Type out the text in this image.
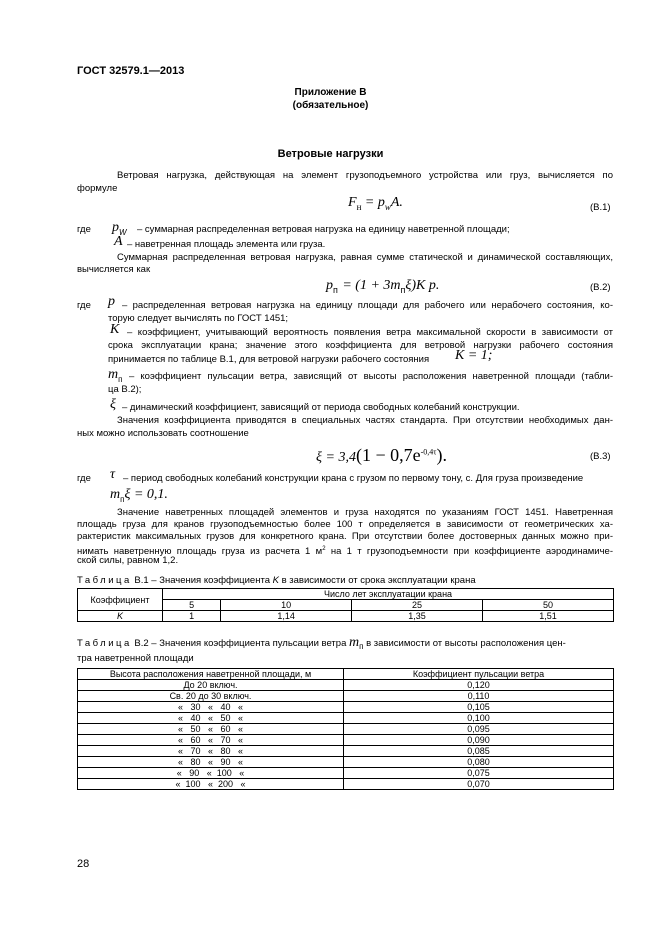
ГОСТ 32579.1—2013
Приложение В
(обязательное)
Ветровые нагрузки
Ветровая нагрузка, действующая на элемент грузоподъемного устройства или груз, вычисляется по
формуле
$F_н = p_wA$.	(В.1)
где $p_W$ – суммарная распределенная ветровая нагрузка на единицу наветренной площади;
A – наветренная площадь элемента или груза.
Суммарная распределенная ветровая нагрузка, равная сумме статической и динамической составляющих,
вычисляется как
$p_п = (1 + 3m_п\xi)K$ p.	(В.2)
где p – распределенная ветровая нагрузка на единицу площади для рабочего или нерабочего состояния, ко-
торую следует вычислять по ГОСТ 1451;
K – коэффициент, учитывающий вероятность появления ветра максимальной скорости в зависимости от
срока эксплуатации крана; значение этого коэффициента для ветровой нагрузки рабочего состояния
принимается по таблице В.1, для ветровой нагрузки рабочего состояния K = 1;
$m_п$ – коэффициент пульсации ветра, зависящий от высоты расположения наветренной площади (табли-
ца В.2);
ξ – динамический коэффициент, зависящий от периода свободных колебаний конструкции.
Значения коэффициента приводятся в специальных частях стандарта. При отсутствии необходимых дан-
ных можно использовать соотношение
$\xi = 3,4(1 - 0,7e^{-0,4\tau})$.	(В.3)
где τ – период свободных колебаний конструкции крана с грузом по первому тону, с. Для груза произведение
$m_п\xi = 0,1$.
Значение наветренных площадей элементов и груза находятся по указаниям ГОСТ 1451. Наветренная
площадь груза для кранов грузоподъемностью более 100 т определяется в зависимости от геометрических ха-
рактеристик максимальных грузов для конкретного крана. При отсутствии более достоверных данных можно при-
нимать наветренную площадь груза из расчета 1 $м^2$ на 1 т грузоподъемности при коэффициенте аэродинамиче-
ской силы, равном 1,2.
Таблица В.1 – Значения коэффициента K в зависимости от срока эксплуатации крана
Коэффициент	Число лет эксплуатации крана			
	5	10	25	50
K	1	1,14	1,35	1,51
Таблица В.2 – Значения коэффициента пульсации ветра $m_п$ в зависимости от высоты расположения цен-
тра наветренной площади
Высота расположения наветренной площади, м	Коэффициент пульсации ветра
До 20 включ.	0,120
Св. 20 до 30 включ.	0,110
«   30   «   40   «	0,105
«   40   «   50   «	0,100
«   50   «   60   «	0,095
«   60   «   70   «	0,090
«   70   «   80   «	0,085
«   80   «   90   «	0,080
«   90   «  100   «	0,075
«  100   «  200   «	0,070
28
